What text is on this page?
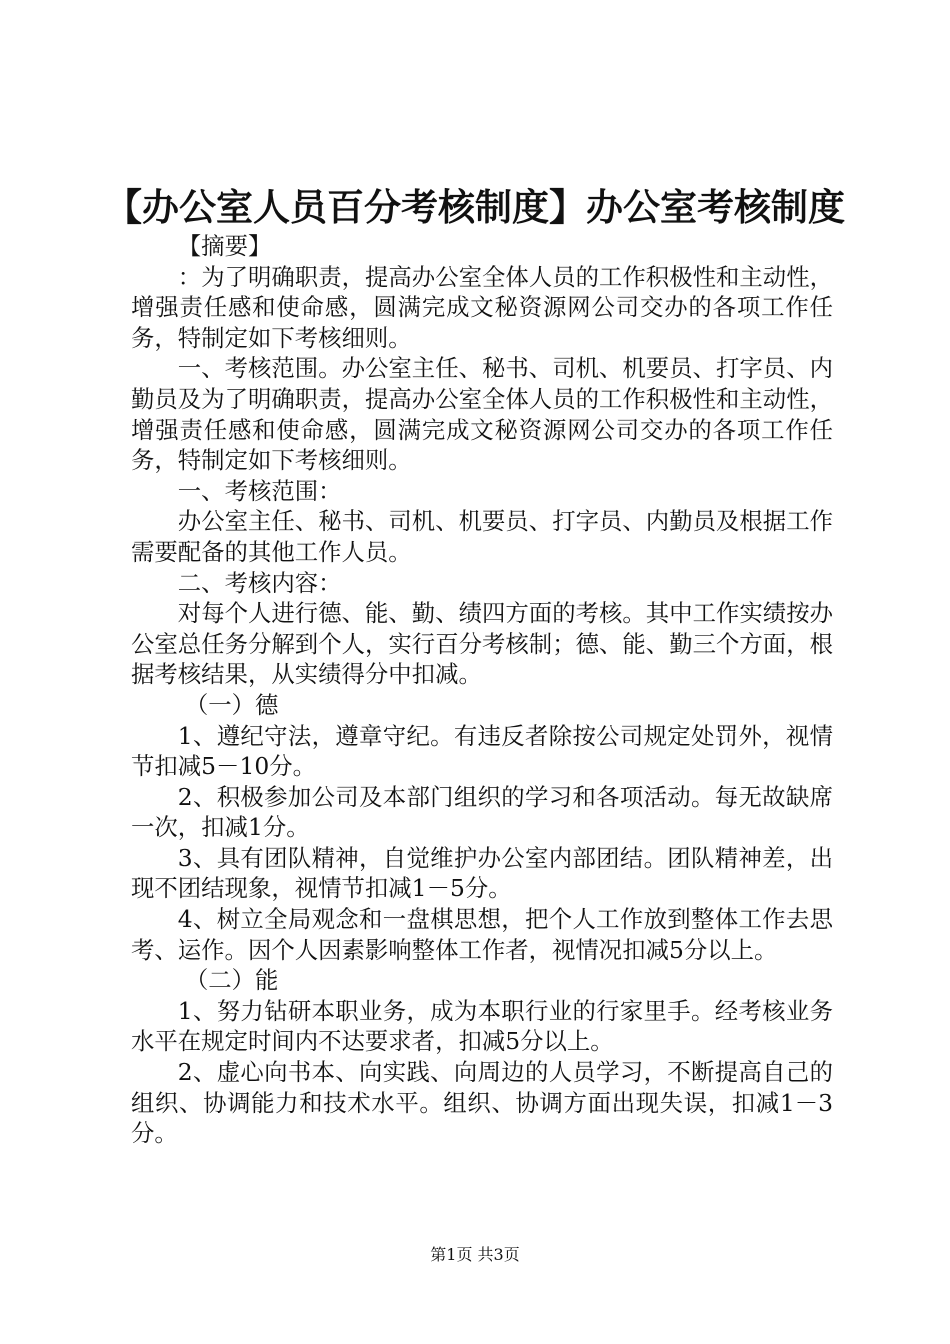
【办公室人员百分考核制度】办公室考核制度

【摘要】

：为了明确职责，提高办公室全体人员的工作积极性和主动性，增强责任感和使命感，圆满完成文秘资源网公司交办的各项工作任务，特制定如下考核细则。

一、考核范围。办公室主任、秘书、司机、机要员、打字员、内勤员及为了明确职责，提高办公室全体人员的工作积极性和主动性，增强责任感和使命感，圆满完成文秘资源网公司交办的各项工作任务，特制定如下考核细则。

一、考核范围：

办公室主任、秘书、司机、机要员、打字员、内勤员及根据工作需要配备的其他工作人员。

二、考核内容：

对每个人进行德、能、勤、绩四方面的考核。其中工作实绩按办公室总任务分解到个人，实行百分考核制；德、能、勤三个方面，根据考核结果，从实绩得分中扣减。

（一）德

1、遵纪守法，遵章守纪。有违反者除按公司规定处罚外，视情节扣减5－10分。

2、积极参加公司及本部门组织的学习和各项活动。每无故缺席一次，扣减1分。

3、具有团队精神，自觉维护办公室内部团结。团队精神差，出现不团结现象，视情节扣减1－5分。

4、树立全局观念和一盘棋思想，把个人工作放到整体工作去思考、运作。因个人因素影响整体工作者，视情况扣减5分以上。

（二）能

1、努力钻研本职业务，成为本职行业的行家里手。经考核业务水平在规定时间内不达要求者，扣减5分以上。

2、虚心向书本、向实践、向周边的人员学习，不断提高自己的组织、协调能力和技术水平。组织、协调方面出现失误，扣减1－3分。

第1页 共3页
